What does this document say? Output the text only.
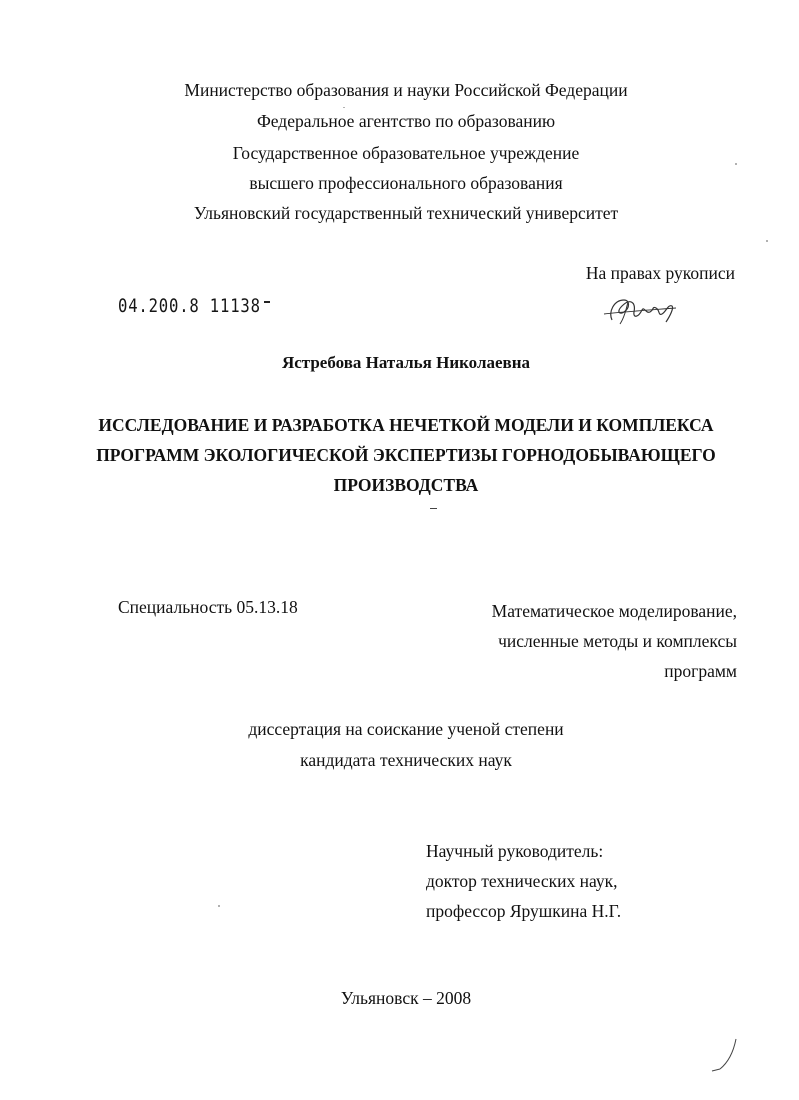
Министерство образования и науки Российской Федерации
Федеральное агентство по образованию
Государственное образовательное учреждение
высшего профессионального образования
Ульяновский государственный технический университет
На правах рукописи
04.200.8 11138
Ястребова Наталья Николаевна
ИССЛЕДОВАНИЕ И РАЗРАБОТКА НЕЧЕТКОЙ МОДЕЛИ И КОМПЛЕКСА
ПРОГРАММ ЭКОЛОГИЧЕСКОЙ ЭКСПЕРТИЗЫ ГОРНОДОБЫВАЮЩЕГО
ПРОИЗВОДСТВА
Специальность 05.13.18	Математическое моделирование,
численные методы и комплексы
программ
диссертация на соискание ученой степени
кандидата технических наук
Научный руководитель:
доктор технических наук,
профессор Ярушкина Н.Г.
Ульяновск – 2008
